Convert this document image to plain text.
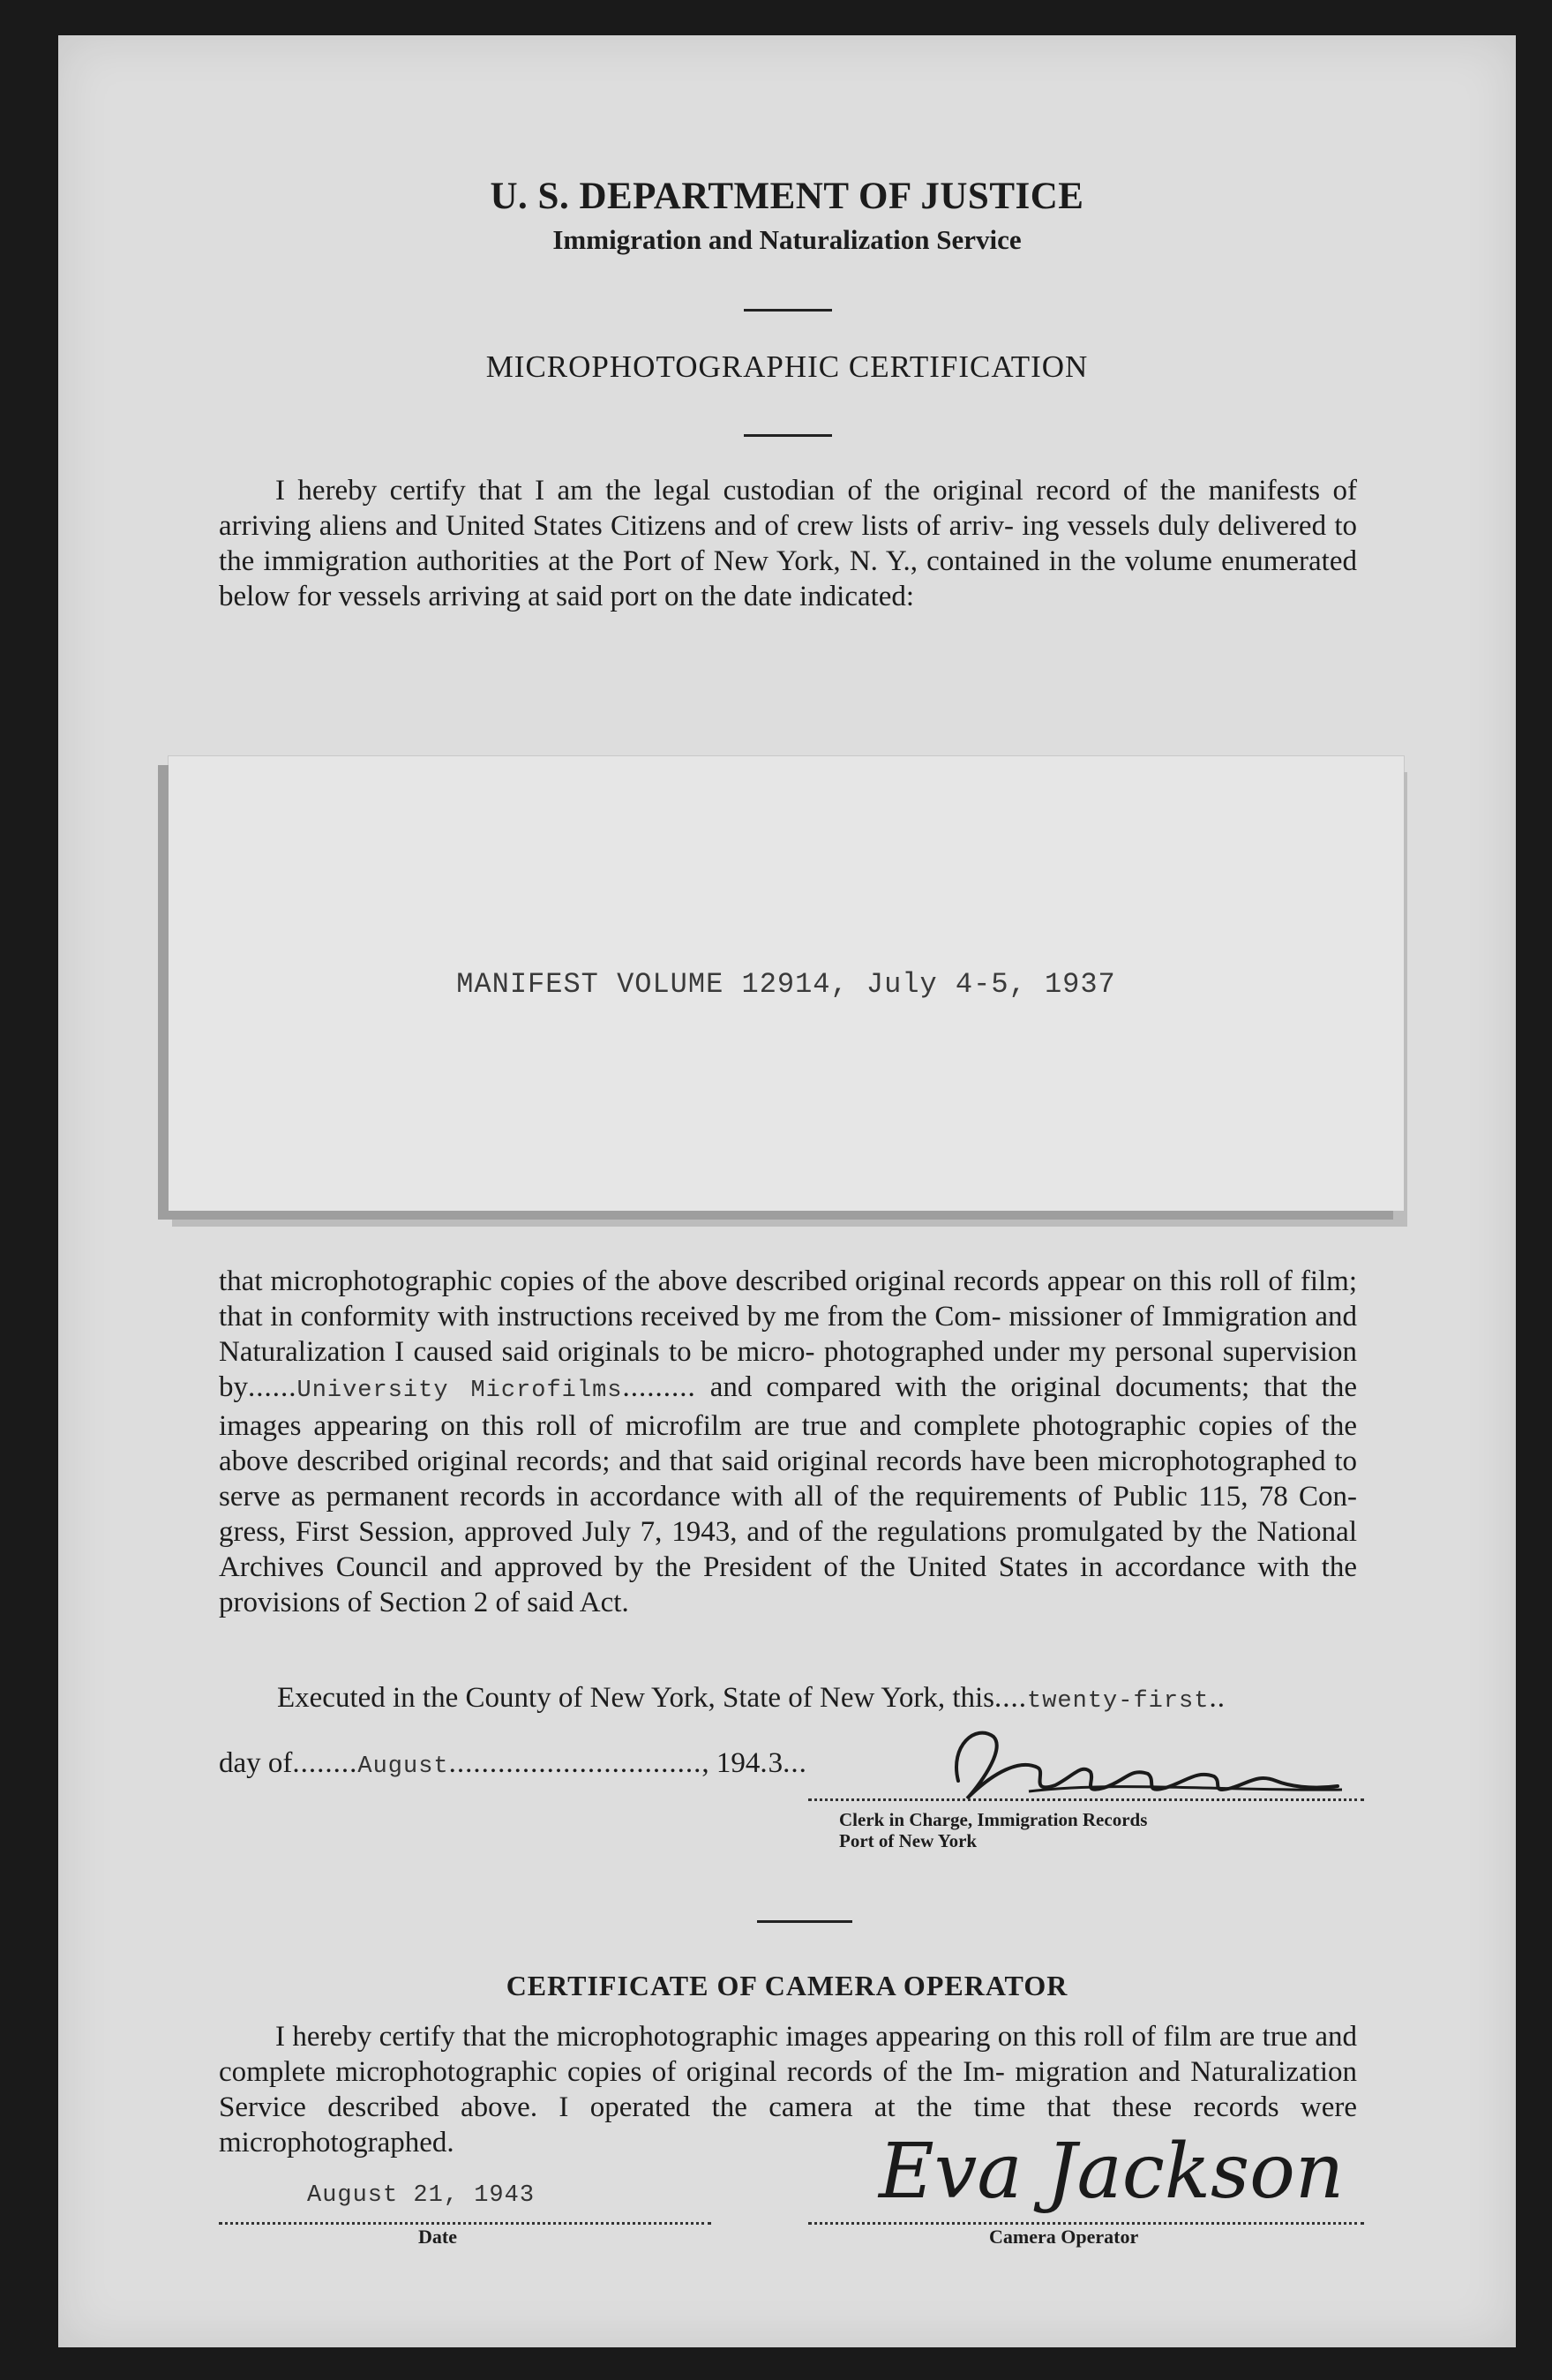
U. S. DEPARTMENT OF JUSTICE
Immigration and Naturalization Service
MICROPHOTOGRAPHIC CERTIFICATION
I hereby certify that I am the legal custodian of the original record of the manifests of arriving aliens and United States Citizens and of crew lists of arriv- ing vessels duly delivered to the immigration authorities at the Port of New York, N. Y., contained in the volume enumerated below for vessels arriving at said port on the date indicated:
MANIFEST VOLUME 12914, July 4-5, 1937
that microphotographic copies of the above described original records appear on this roll of film; that in conformity with instructions received by me from the Com- missioner of Immigration and Naturalization I caused said originals to be micro- photographed under my personal supervision by......University Microfilms......... and compared with the original documents; that the images appearing on this roll of microfilm are true and complete photographic copies of the above described original records; and that said original records have been microphotographed to serve as permanent records in accordance with all of the requirements of Public 115, 78 Con- gress, First Session, approved July 7, 1943, and of the regulations promulgated by the National Archives Council and approved by the President of the United States in accordance with the provisions of Section 2 of said Act.
Executed in the County of New York, State of New York, this....twenty-first..
day of........August..............................., 194.3...
Clerk in Charge, Immigration Records
Port of New York
CERTIFICATE OF CAMERA OPERATOR
I hereby certify that the microphotographic images appearing on this roll of film are true and complete microphotographic copies of original records of the Im- migration and Naturalization Service described above. I operated the camera at the time that these records were microphotographed.
August 21, 1943
Date
Eva Jackson
Camera Operator
